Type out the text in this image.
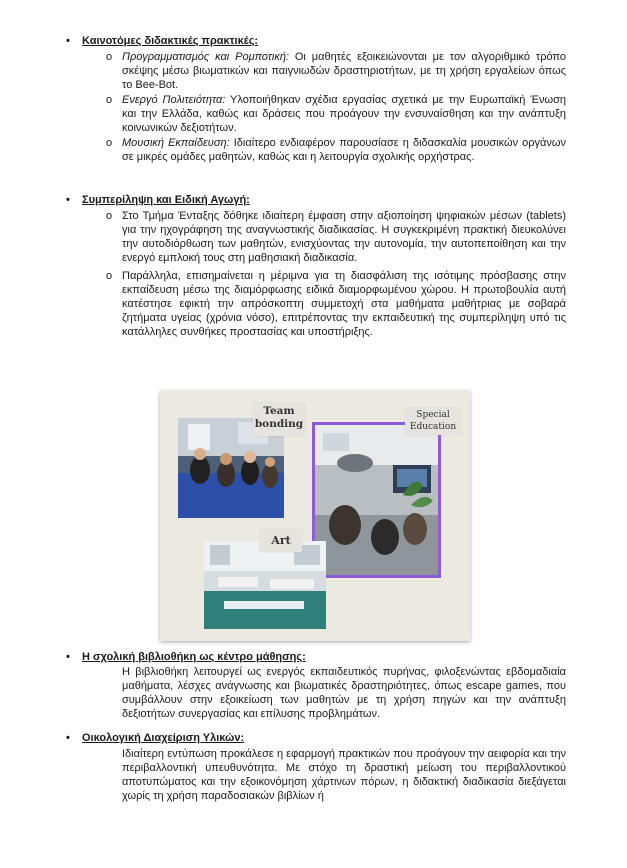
• Καινοτόμες διδακτικές πρακτικές:
o Προγραμματισμός και Ρομποτική: Οι μαθητές εξοικειώνονται με τον αλγοριθμικό τρόπο σκέψης μέσω βιωματικών και παιγνιωδών δραστηριοτήτων, με τη χρήση εργαλείων όπως το Bee-Bot.
o Ενεργό Πολιτειότητα: Υλοποιήθηκαν σχέδια εργασίας σχετικά με την Ευρωπαϊκή Ένωση και την Ελλάδα, καθώς και δράσεις που προάγουν την ενσυναίσθηση και την ανάπτυξη κοινωνικών δεξιοτήτων.
o Μουσική Εκπαίδευση: Ιδιαίτερο ενδιαφέρον παρουσίασε η διδασκαλία μουσικών οργάνων σε μικρές ομάδες μαθητών, καθώς και η λειτουργία σχολικής ορχήστρας.
• Συμπερίληψη και Ειδική Αγωγή:
o Στο Τμήμα Ένταξης δόθηκε ιδιαίτερη έμφαση στην αξιοποίηση ψηφιακών μέσων (tablets) για την ηχογράφηση της αναγνωστικής διαδικασίας. Η συγκεκριμένη πρακτική διευκολύνει την αυτοδιόρθωση των μαθητών, ενισχύοντας την αυτονομία, την αυτοπεποίθηση και την ενεργό εμπλοκή τους στη μαθησιακή διαδικασία.
o Παράλληλα, επισημαίνεται η μέριμνα για τη διασφάλιση της ισότιμης πρόσβασης στην εκπαίδευση μέσω της διαμόρφωσης ειδικά διαμορφωμένου χώρου. Η πρωτοβουλία αυτή κατέστησε εφικτή την απρόσκοπτη συμμετοχή στα μαθήματα μαθήτριας με σοβαρά ζητήματα υγείας (χρόνια νόσο), επιτρέποντας την εκπαιδευτική της συμπερίληψη υπό τις κατάλληλες συνθήκες προστασίας και υποστήριξης.
Team bonding
Special Education
Art
• Η σχολική βιβλιοθήκη ως κέντρο μάθησης:
Η βιβλιοθήκη λειτουργεί ως ενεργός εκπαιδευτικός πυρήνας, φιλοξενώντας εβδομαδιαία μαθήματα, λέσχες ανάγνωσης και βιωματικές δραστηριότητες, όπως escape games, που συμβάλλουν στην εξοικείωση των μαθητών με τη χρήση πηγών και την ανάπτυξη δεξιοτήτων συνεργασίας και επίλυσης προβλημάτων.
• Οικολογική Διαχείριση Υλικών:
Ιδιαίτερη εντύπωση προκάλεσε η εφαρμογή πρακτικών που προάγουν την αειφορία και την περιβαλλοντική υπευθυνότητα. Με στόχο τη δραστική μείωση του περιβαλλοντικού αποτυπώματος και την εξοικονόμηση χάρτινων πόρων, η διδακτική διαδικασία διεξάγεται χωρίς τη χρήση παραδοσιακών βιβλίων ή
